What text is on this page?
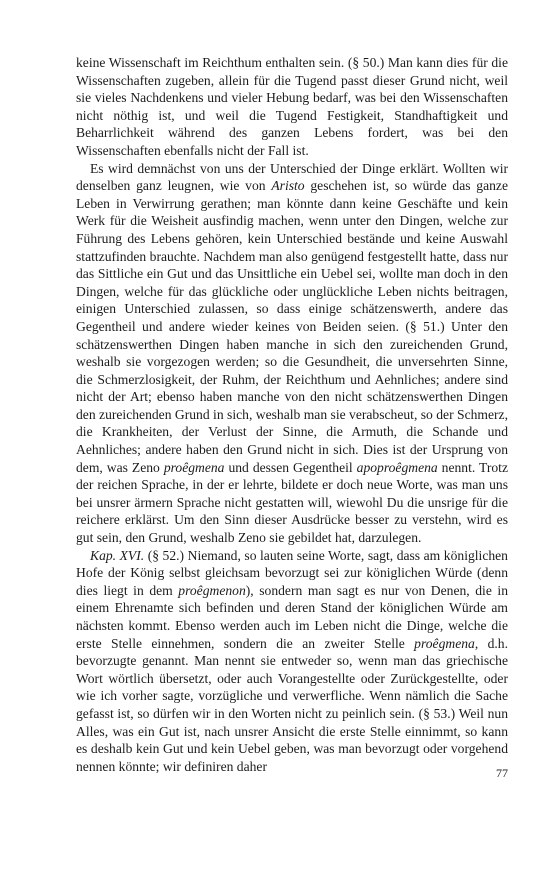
keine Wissenschaft im Reichthum enthalten sein. (§ 50.) Man kann dies für die Wissenschaften zugeben, allein für die Tugend passt dieser Grund nicht, weil sie vieles Nachdenkens und vieler Hebung bedarf, was bei den Wissenschaften nicht nöthig ist, und weil die Tugend Festigkeit, Standhaftigkeit und Beharrlichkeit während des ganzen Lebens fordert, was bei den Wissenschaften ebenfalls nicht der Fall ist.

Es wird demnächst von uns der Unterschied der Dinge erklärt. Wollten wir denselben ganz leugnen, wie von Aristo geschehen ist, so würde das ganze Leben in Verwirrung gerathen; man könnte dann keine Geschäfte und kein Werk für die Weisheit ausfindig machen, wenn unter den Dingen, welche zur Führung des Lebens gehören, kein Unterschied bestände und keine Auswahl stattzufinden brauchte. Nachdem man also genügend festgestellt hatte, dass nur das Sittliche ein Gut und das Unsittliche ein Uebel sei, wollte man doch in den Dingen, welche für das glückliche oder unglückliche Leben nichts beitragen, einigen Unterschied zulassen, so dass einige schätzenswerth, andere das Gegentheil und andere wieder keines von Beiden seien. (§ 51.) Unter den schätzenswerthen Dingen haben manche in sich den zureichenden Grund, weshalb sie vorgezogen werden; so die Gesundheit, die unversehrten Sinne, die Schmerzlosigkeit, der Ruhm, der Reichthum und Aehnliches; andere sind nicht der Art; ebenso haben manche von den nicht schätzenswerthen Dingen den zureichenden Grund in sich, weshalb man sie verabscheut, so der Schmerz, die Krankheiten, der Verlust der Sinne, die Armuth, die Schande und Aehnliches; andere haben den Grund nicht in sich. Dies ist der Ursprung von dem, was Zeno proêgmena und dessen Gegentheil apoproêgmena nennt. Trotz der reichen Sprache, in der er lehrte, bildete er doch neue Worte, was man uns bei unsrer ärmern Sprache nicht gestatten will, wiewohl Du die unsrige für die reichere erklärst. Um den Sinn dieser Ausdrücke besser zu verstehn, wird es gut sein, den Grund, weshalb Zeno sie gebildet hat, darzulegen.

Kap. XVI. (§ 52.) Niemand, so lauten seine Worte, sagt, dass am königlichen Hofe der König selbst gleichsam bevorzugt sei zur königlichen Würde (denn dies liegt in dem proêgmenon), sondern man sagt es nur von Denen, die in einem Ehrenamte sich befinden und deren Stand der königlichen Würde am nächsten kommt. Ebenso werden auch im Leben nicht die Dinge, welche die erste Stelle einnehmen, sondern die an zweiter Stelle proêgmena, d.h. bevorzugte genannt. Man nennt sie entweder so, wenn man das griechische Wort wörtlich übersetzt, oder auch Vorangestellte oder Zurückgestellte, oder wie ich vorher sagte, vorzügliche und verwerfliche. Wenn nämlich die Sache gefasst ist, so dürfen wir in den Worten nicht zu peinlich sein. (§ 53.) Weil nun Alles, was ein Gut ist, nach unsrer Ansicht die erste Stelle einnimmt, so kann es deshalb kein Gut und kein Uebel geben, was man bevorzugt oder vorgehend nennen könnte; wir definiren daher	77
